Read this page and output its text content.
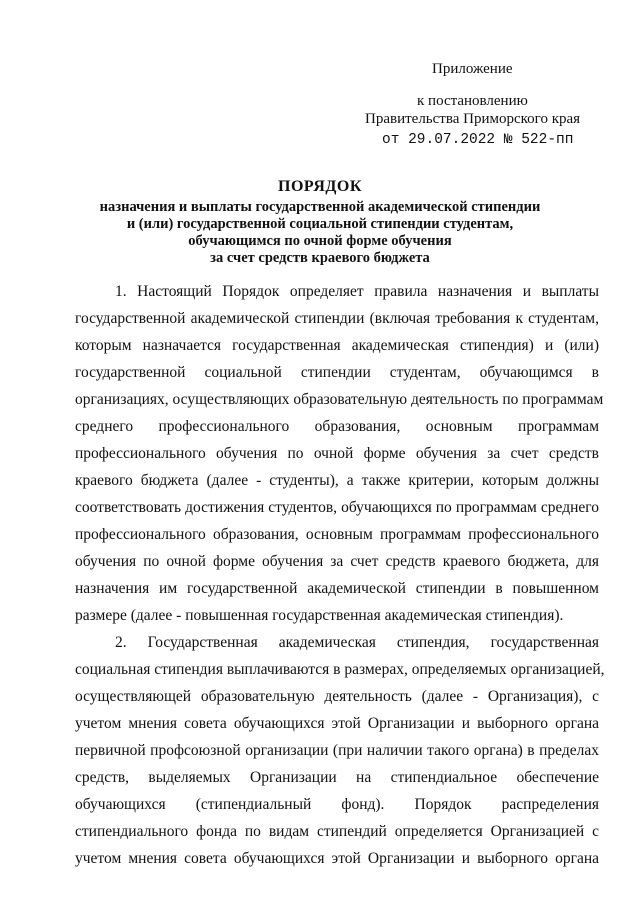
Приложение
к постановлению
Правительства Приморского края
от 29.07.2022 № 522-пп
ПОРЯДОК
назначения и выплаты государственной академической стипендии
и (или) государственной социальной стипендии студентам,
обучающимся по очной форме обучения
за счет средств краевого бюджета
1. Настоящий Порядок определяет правила назначения и выплаты
государственной академической стипендии (включая требования к студентам,
которым назначается государственная академическая стипендия) и (или)
государственной социальной стипендии студентам, обучающимся в
организациях, осуществляющих образовательную деятельность по программам
среднего профессионального образования, основным программам
профессионального обучения по очной форме обучения за счет средств
краевого бюджета (далее - студенты), а также критерии, которым должны
соответствовать достижения студентов, обучающихся по программам среднего
профессионального образования, основным программам профессионального
обучения по очной форме обучения за счет средств краевого бюджета, для
назначения им государственной академической стипендии в повышенном
размере (далее - повышенная государственная академическая стипендия).
2. Государственная академическая стипендия, государственная
социальная стипендия выплачиваются в размерах, определяемых организацией,
осуществляющей образовательную деятельность (далее - Организация), с
учетом мнения совета обучающихся этой Организации и выборного органа
первичной профсоюзной организации (при наличии такого органа) в пределах
средств, выделяемых Организации на стипендиальное обеспечение
обучающихся (стипендиальный фонд). Порядок распределения
стипендиального фонда по видам стипендий определяется Организацией с
учетом мнения совета обучающихся этой Организации и выборного органа
